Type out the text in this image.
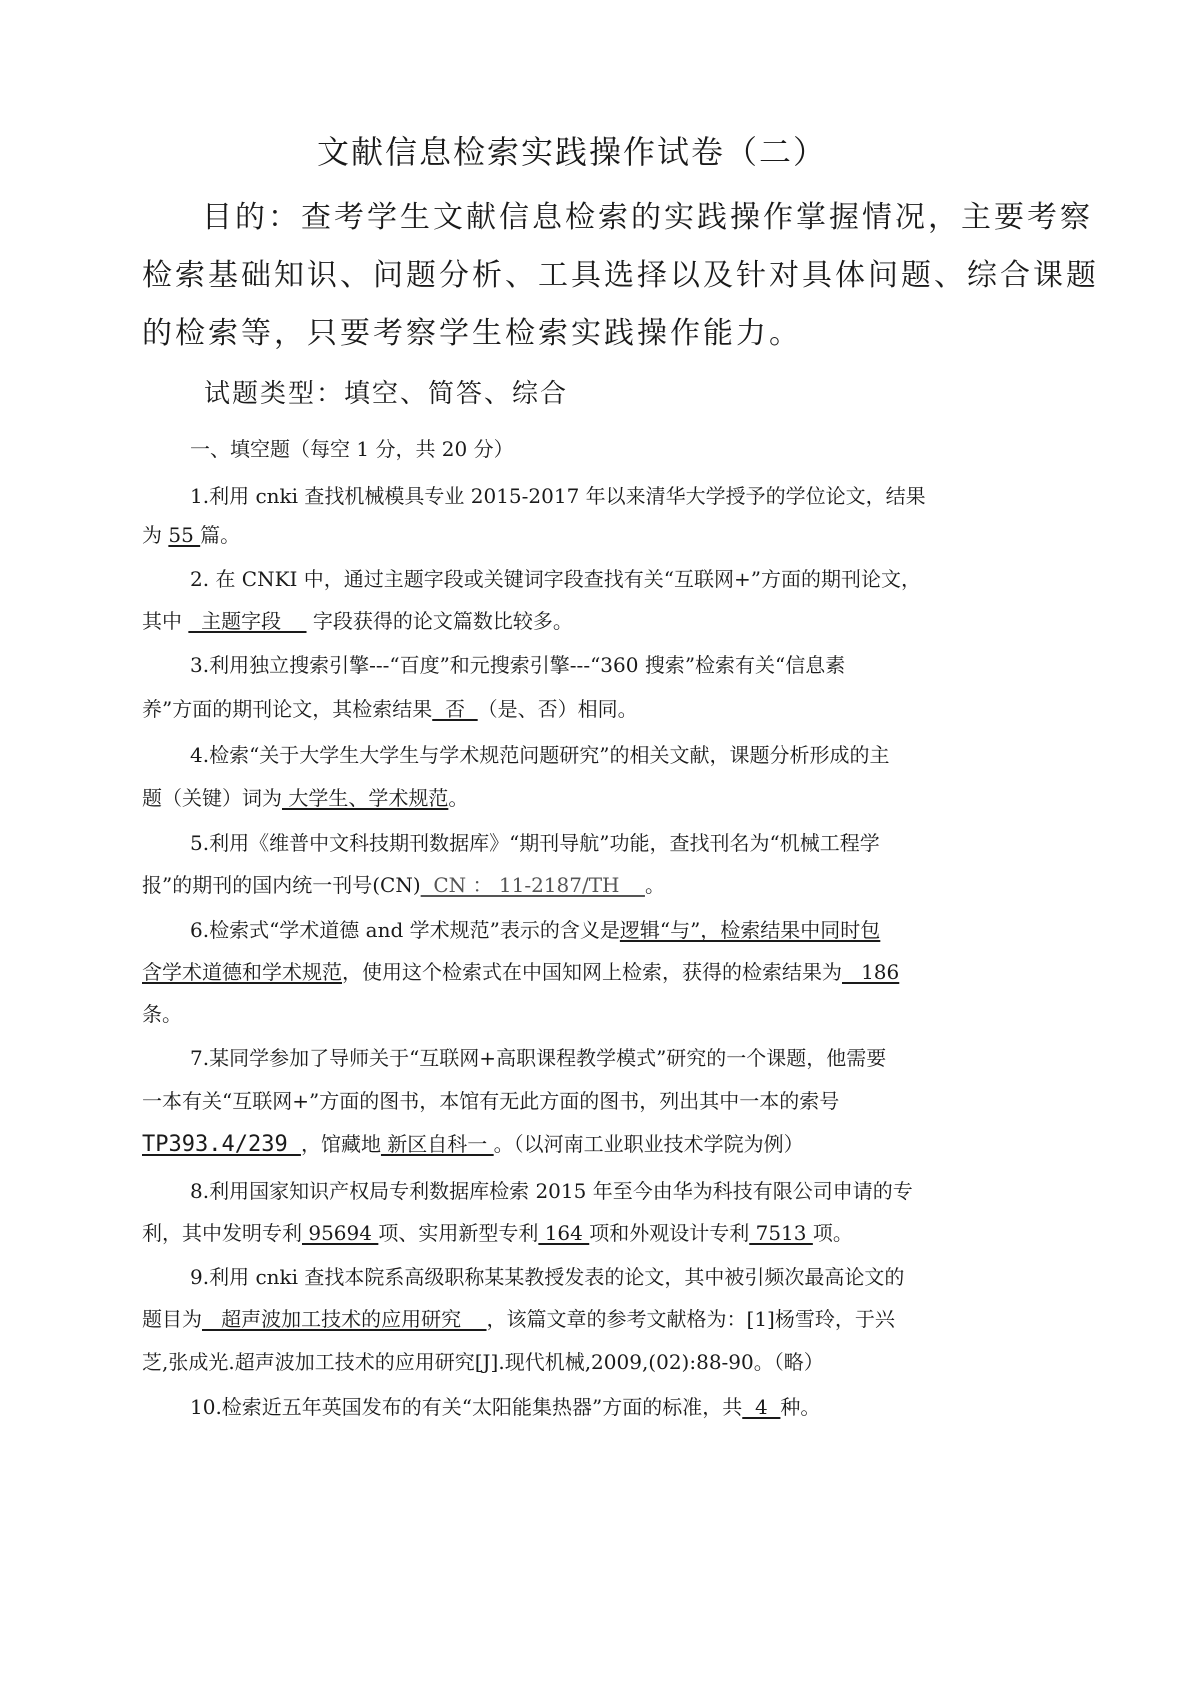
文献信息检索实践操作试卷（二）
目的：查考学生文献信息检索的实践操作掌握情况，主要考察
检索基础知识、问题分析、工具选择以及针对具体问题、综合课题
的检索等，只要考察学生检索实践操作能力。
试题类型：填空、简答、综合
一、填空题（每空 1 分，共 20 分）
1.利用 cnki 查找机械模具专业 2015-2017 年以来清华大学授予的学位论文，结果
为 55 篇。
2. 在 CNKI 中，通过主题字段或关键词字段查找有关“互联网+”方面的期刊论文，
其中   主题字段     字段获得的论文篇数比较多。
3.利用独立搜索引擎---“百度”和元搜索引擎---“360 搜索”检索有关“信息素
养”方面的期刊论文，其检索结果  否  （是、否）相同。
4.检索“关于大学生大学生与学术规范问题研究”的相关文献，课题分析形成的主
题（关键）词为 大学生、学术规范。
5.利用《维普中文科技期刊数据库》“期刊导航”功能，查找刊名为“机械工程学
报”的期刊的国内统一刊号(CN)  CN ： 11-2187/TH    。
6.检索式“学术道德 and 学术规范”表示的含义是逻辑“与”，检索结果中同时包
含学术道德和学术规范，使用这个检索式在中国知网上检索，获得的检索结果为   186
条。
7.某同学参加了导师关于“互联网+高职课程教学模式”研究的一个课题，他需要
一本有关“互联网+”方面的图书，本馆有无此方面的图书，列出其中一本的索号
TP393.4/239 ，馆藏地 新区自科一 。（以河南工业职业技术学院为例）
8.利用国家知识产权局专利数据库检索 2015 年至今由华为科技有限公司申请的专
利，其中发明专利 95694 项、实用新型专利 164 项和外观设计专利 7513 项。
9.利用 cnki 查找本院系高级职称某某教授发表的论文，其中被引频次最高论文的
题目为   超声波加工技术的应用研究    ，该篇文章的参考文献格为：[1]杨雪玲，于兴
芝,张成光.超声波加工技术的应用研究[J].现代机械,2009,(02):88-90。（略）
10.检索近五年英国发布的有关“太阳能集热器”方面的标准，共  4  种。
